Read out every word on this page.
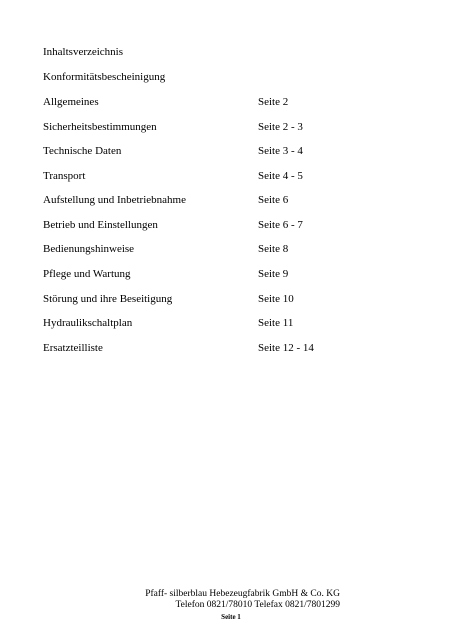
Inhaltsverzeichnis
Konformitätsbescheinigung
Allgemeines	Seite 2
Sicherheitsbestimmungen	Seite 2 - 3
Technische Daten	Seite 3 - 4
Transport	Seite 4 - 5
Aufstellung und Inbetriebnahme	Seite 6
Betrieb und Einstellungen	Seite 6 - 7
Bedienungshinweise	Seite 8
Pflege und Wartung	Seite 9
Störung und ihre Beseitigung	Seite 10
Hydraulikschaltplan	Seite 11
Ersatzteilliste	Seite 12 - 14
Pfaff- silberblau Hebezeugfabrik GmbH & Co. KG
Telefon 0821/78010 Telefax 0821/7801299
Seite 1
